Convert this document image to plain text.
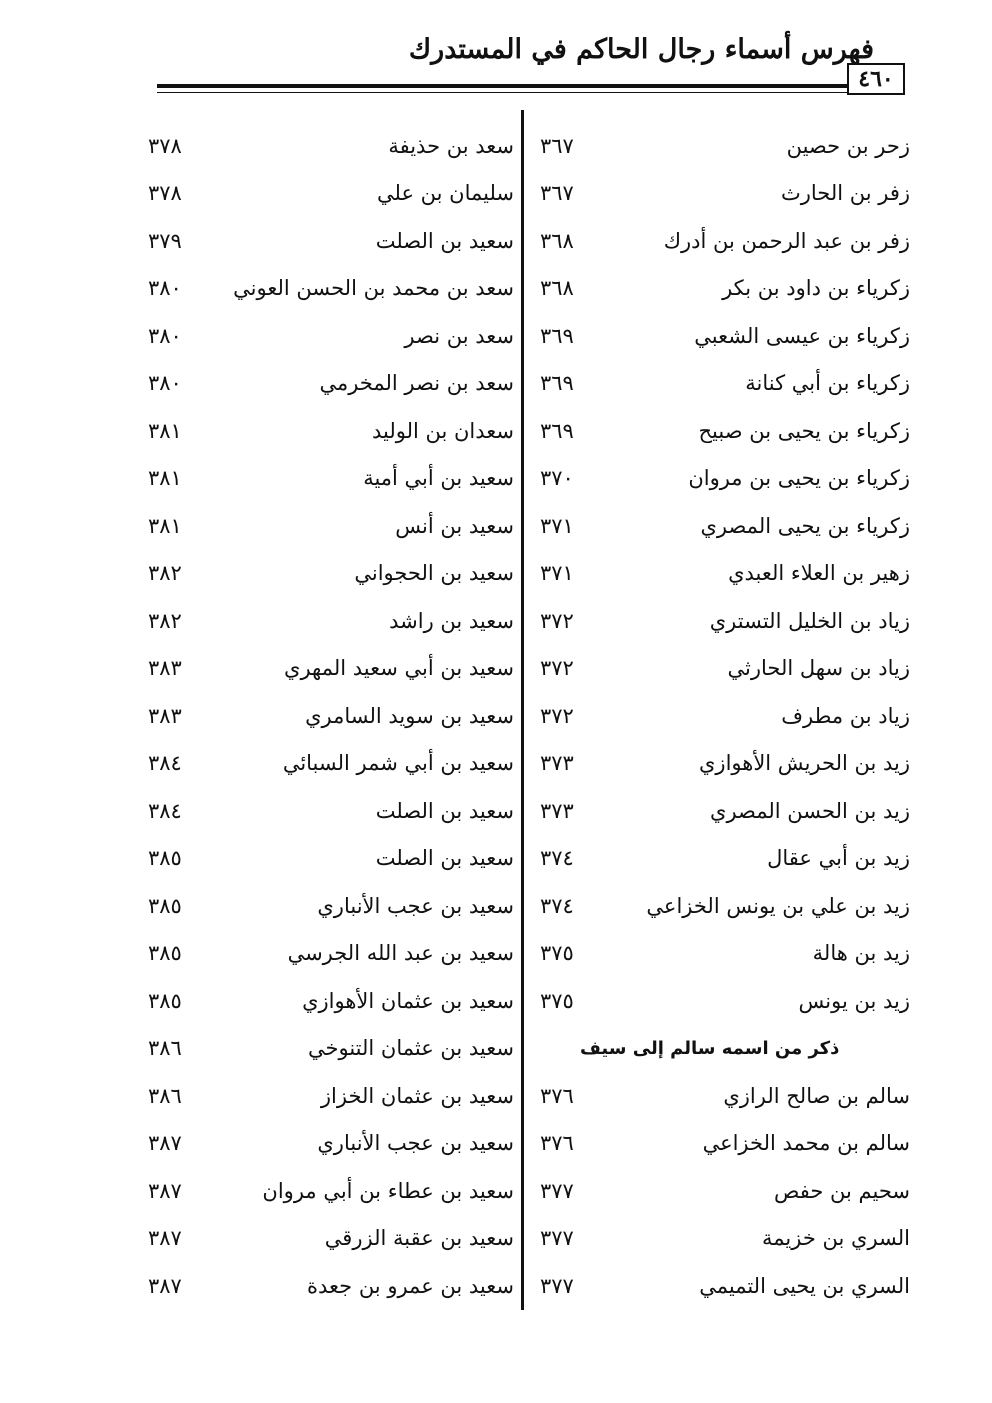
فهرس أسماء رجال الحاكم في المستدرك
٤٦٠
زحر بن حصين
٣٦٧
زفر بن الحارث
٣٦٧
زفر بن عبد الرحمن بن أدرك
٣٦٨
زكرياء بن داود بن بكر
٣٦٨
زكرياء بن عيسى الشعبي
٣٦٩
زكرياء بن أبي كنانة
٣٦٩
زكرياء بن يحيى بن صبيح
٣٦٩
زكرياء بن يحيى بن مروان
٣٧٠
زكرياء بن يحيى المصري
٣٧١
زهير بن العلاء العبدي
٣٧١
زياد بن الخليل التستري
٣٧٢
زياد بن سهل الحارثي
٣٧٢
زياد بن مطرف
٣٧٢
زيد بن الحريش الأهوازي
٣٧٣
زيد بن الحسن المصري
٣٧٣
زيد بن أبي عقال
٣٧٤
زيد بن علي بن يونس الخزاعي
٣٧٤
زيد بن هالة
٣٧٥
زيد بن يونس
٣٧٥
ذكر من اسمه سالم إلى سيف
سالم بن صالح الرازي
٣٧٦
سالم بن محمد الخزاعي
٣٧٦
سحيم بن حفص
٣٧٧
السري بن خزيمة
٣٧٧
السري بن يحيى التميمي
٣٧٧
سعد بن حذيفة
٣٧٨
سليمان بن علي
٣٧٨
سعيد بن الصلت
٣٧٩
سعد بن محمد بن الحسن العوني
٣٨٠
سعد بن نصر
٣٨٠
سعد بن نصر المخرمي
٣٨٠
سعدان بن الوليد
٣٨١
سعيد بن أبي أمية
٣٨١
سعيد بن أنس
٣٨١
سعيد بن الحجواني
٣٨٢
سعيد بن راشد
٣٨٢
سعيد بن أبي سعيد المهري
٣٨٣
سعيد بن سويد السامري
٣٨٣
سعيد بن أبي شمر السبائي
٣٨٤
سعيد بن الصلت
٣٨٤
سعيد بن الصلت
٣٨٥
سعيد بن عجب الأنباري
٣٨٥
سعيد بن عبد الله الجرسي
٣٨٥
سعيد بن عثمان الأهوازي
٣٨٥
سعيد بن عثمان التنوخي
٣٨٦
سعيد بن عثمان الخزاز
٣٨٦
سعيد بن عجب الأنباري
٣٨٧
سعيد بن عطاء بن أبي مروان
٣٨٧
سعيد بن عقبة الزرقي
٣٨٧
سعيد بن عمرو بن جعدة
٣٨٧
